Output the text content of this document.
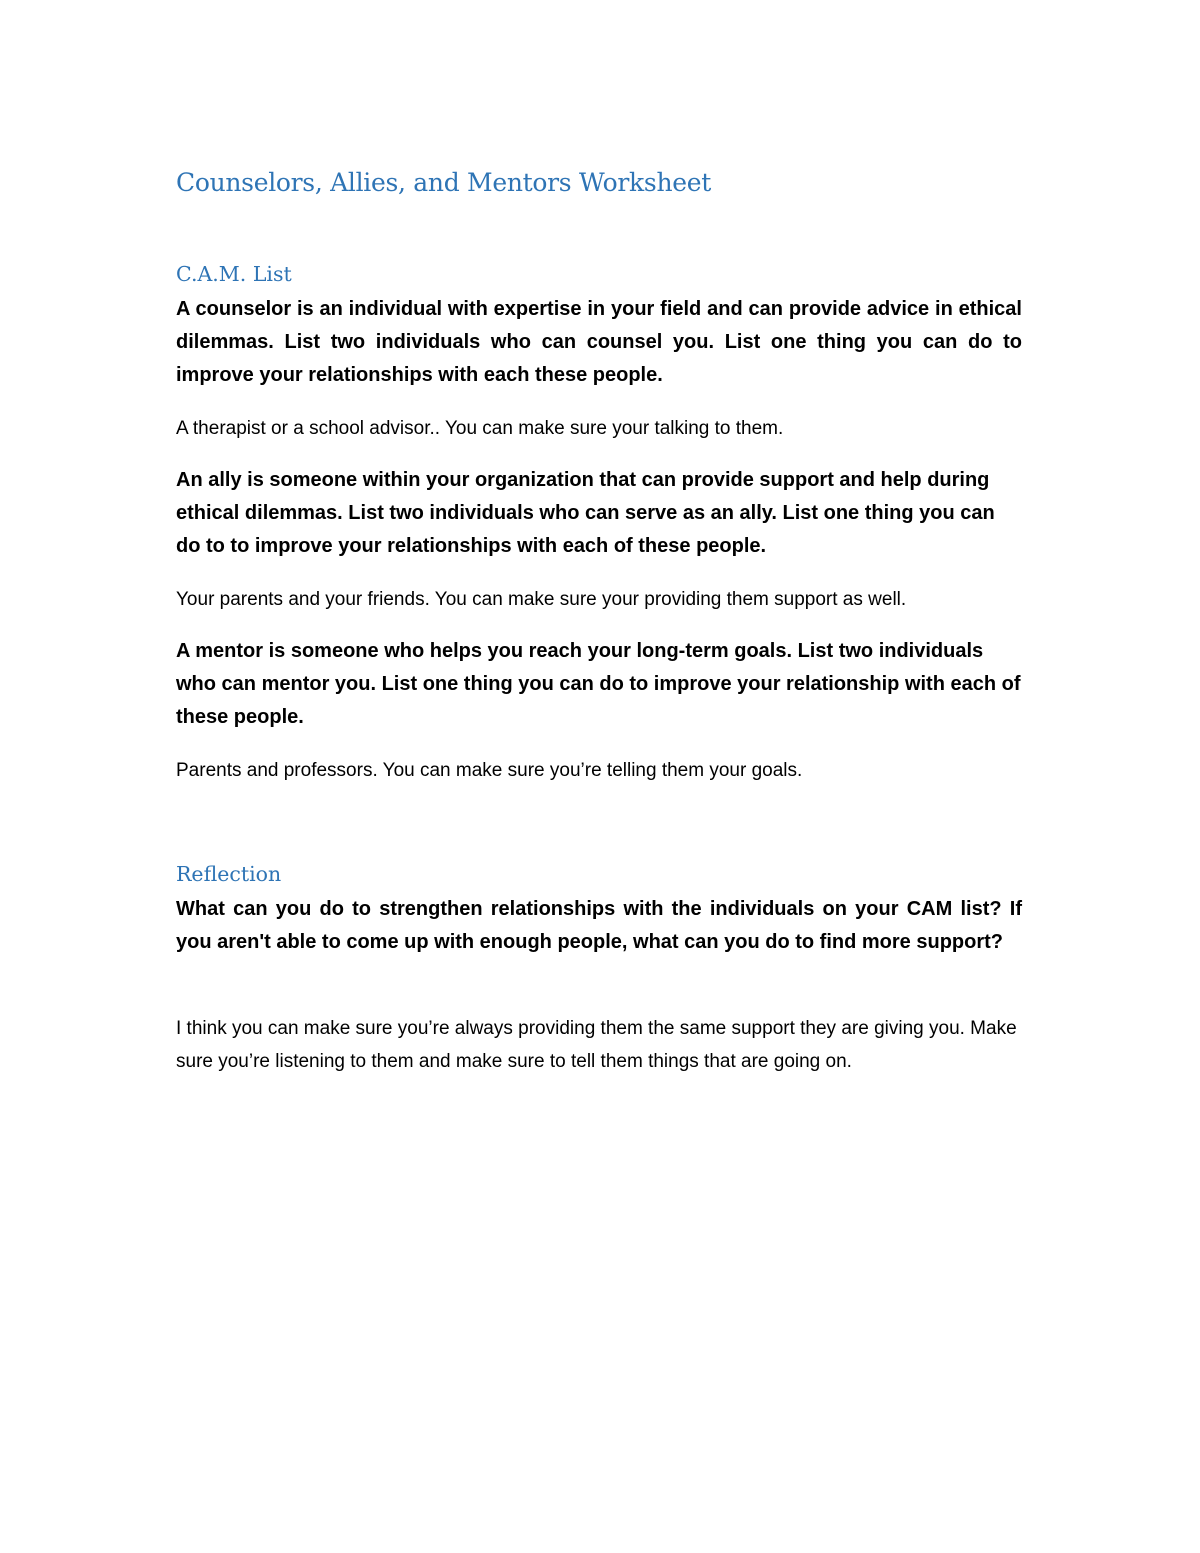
Counselors, Allies, and Mentors Worksheet
C.A.M. List

A counselor is an individual with expertise in your field and can provide advice in ethical dilemmas. List two individuals who can counsel you. List one thing you can do to improve your relationships with each these people.

A therapist or a school advisor.. You can make sure your talking to them.

An ally is someone within your organization that can provide support and help during ethical dilemmas. List two individuals who can serve as an ally. List one thing you can do to to improve your relationships with each of these people.

Your parents and your friends. You can make sure your providing them support as well.

A mentor is someone who helps you reach your long-term goals. List two individuals who can mentor you. List one thing you can do to improve your relationship with each of these people.

Parents and professors. You can make sure you’re telling them your goals.

Reflection

What can you do to strengthen relationships with the individuals on your CAM list? If you aren't able to come up with enough people, what can you do to find more support?

I think you can make sure you’re always providing them the same support they are giving you. Make sure you’re listening to them and make sure to tell them things that are going on.
